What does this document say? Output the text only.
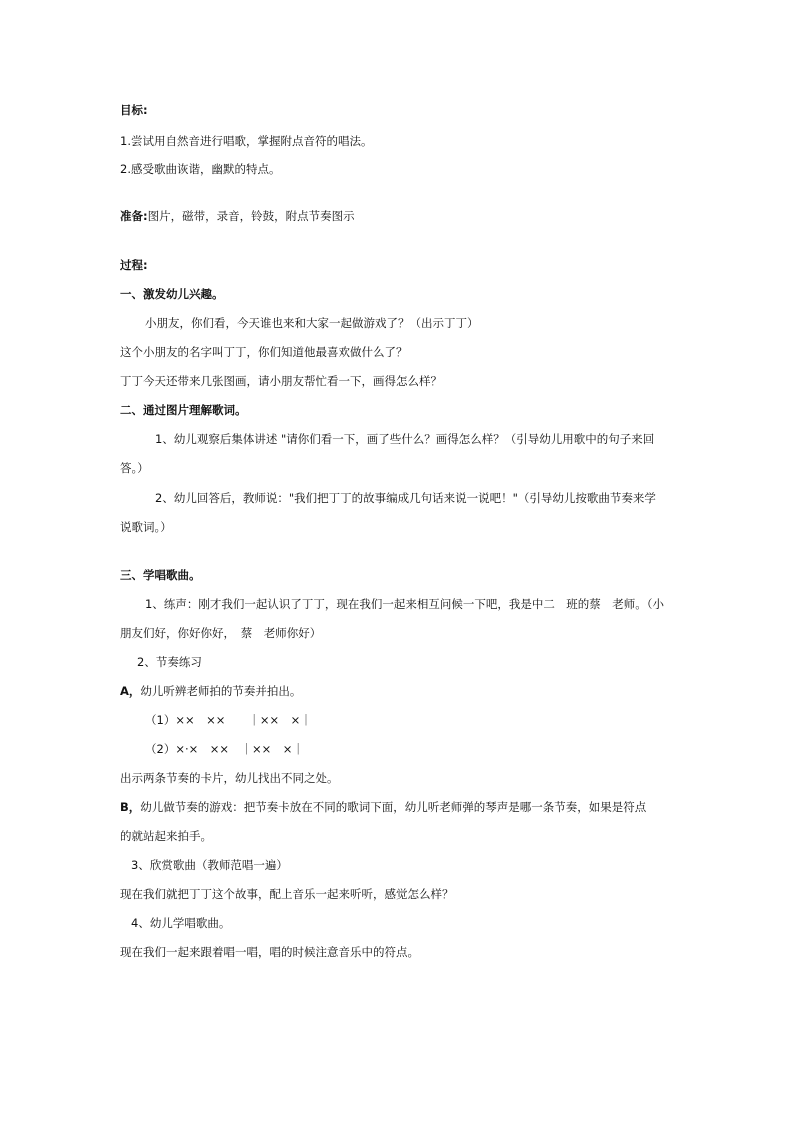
目标:
1.尝试用自然音进行唱歌，掌握附点音符的唱法。
2.感受歌曲诙谐，幽默的特点。
准备:图片，磁带，录音，铃鼓，附点节奏图示
过程:
一、激发幼儿兴趣。
小朋友，你们看，今天谁也来和大家一起做游戏了？（出示丁丁）
这个小朋友的名字叫丁丁，你们知道他最喜欢做什么了？
丁丁今天还带来几张图画，请小朋友帮忙看一下，画得怎么样？
二、通过图片理解歌词。
1、幼儿观察后集体讲述 "请你们看一下，画了些什么？画得怎么样？（引导幼儿用歌中的句子来回
答。）
2、幼儿回答后，教师说："我们把丁丁的故事编成几句话来说一说吧！"（引导幼儿按歌曲节奏来学
说歌词。）
三、学唱歌曲。
1、练声：刚才我们一起认识了丁丁，现在我们一起来相互问候一下吧，我是中二　班的蔡　老师。（小
朋友们好，你好你好，　蔡　老师你好）
2、节奏练习
A，幼儿听辨老师拍的节奏并拍出。
（1）××　××　　｜××　×｜
（2）×·×　××　｜××　×｜
出示两条节奏的卡片，幼儿找出不同之处。
B，幼儿做节奏的游戏：把节奏卡放在不同的歌词下面，幼儿听老师弹的琴声是哪一条节奏，如果是符点
的就站起来拍手。
3、欣赏歌曲（教师范唱一遍）
现在我们就把丁丁这个故事，配上音乐一起来听听，感觉怎么样？
4、幼儿学唱歌曲。
现在我们一起来跟着唱一唱，唱的时候注意音乐中的符点。
